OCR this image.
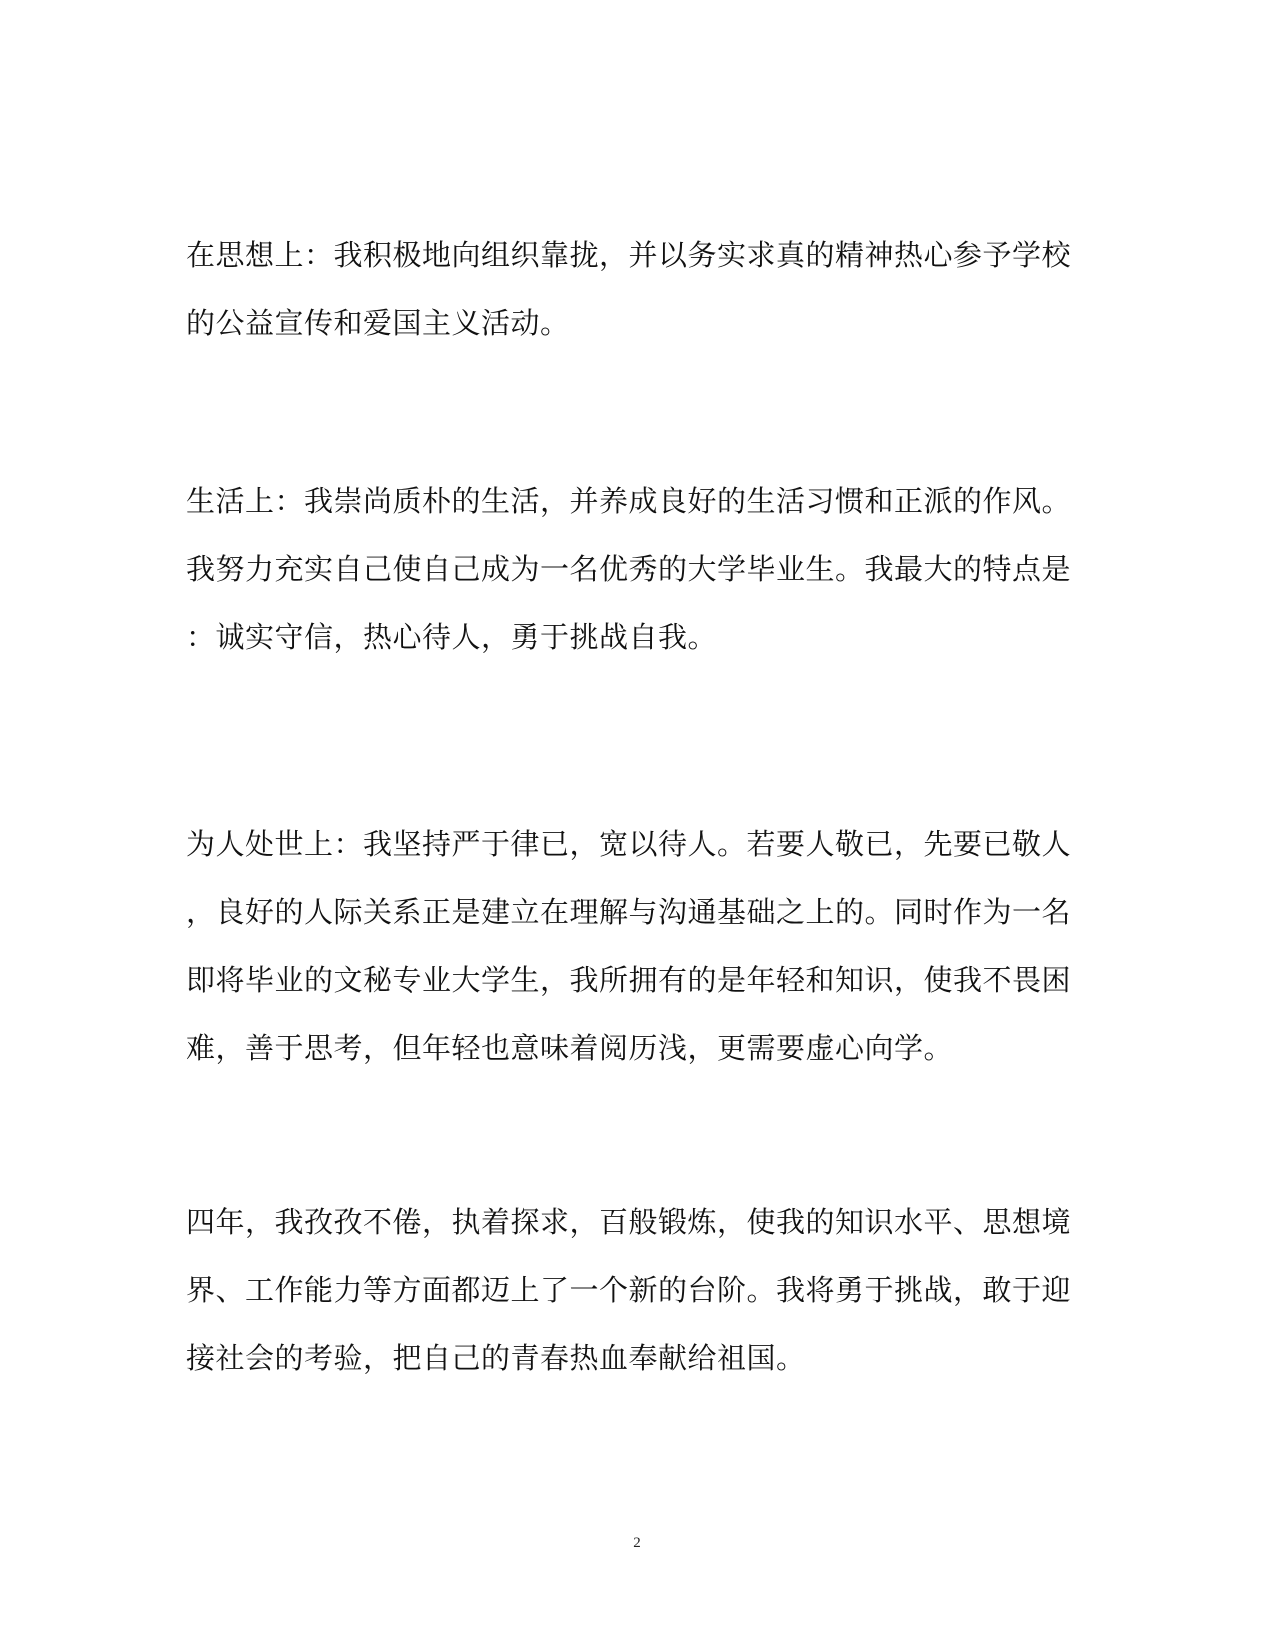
在思想上：我积极地向组织靠拢，并以务实求真的精神热心参予学校
的公益宣传和爱国主义活动。
生活上：我崇尚质朴的生活，并养成良好的生活习惯和正派的作风。
我努力充实自己使自己成为一名优秀的大学毕业生。我最大的特点是
：诚实守信，热心待人，勇于挑战自我。
为人处世上：我坚持严于律已，宽以待人。若要人敬已，先要已敬人
，良好的人际关系正是建立在理解与沟通基础之上的。同时作为一名
即将毕业的文秘专业大学生，我所拥有的是年轻和知识，使我不畏困
难，善于思考，但年轻也意味着阅历浅，更需要虚心向学。
四年，我孜孜不倦，执着探求，百般锻炼，使我的知识水平、思想境
界、工作能力等方面都迈上了一个新的台阶。我将勇于挑战，敢于迎
接社会的考验，把自己的青春热血奉献给祖国。
2
